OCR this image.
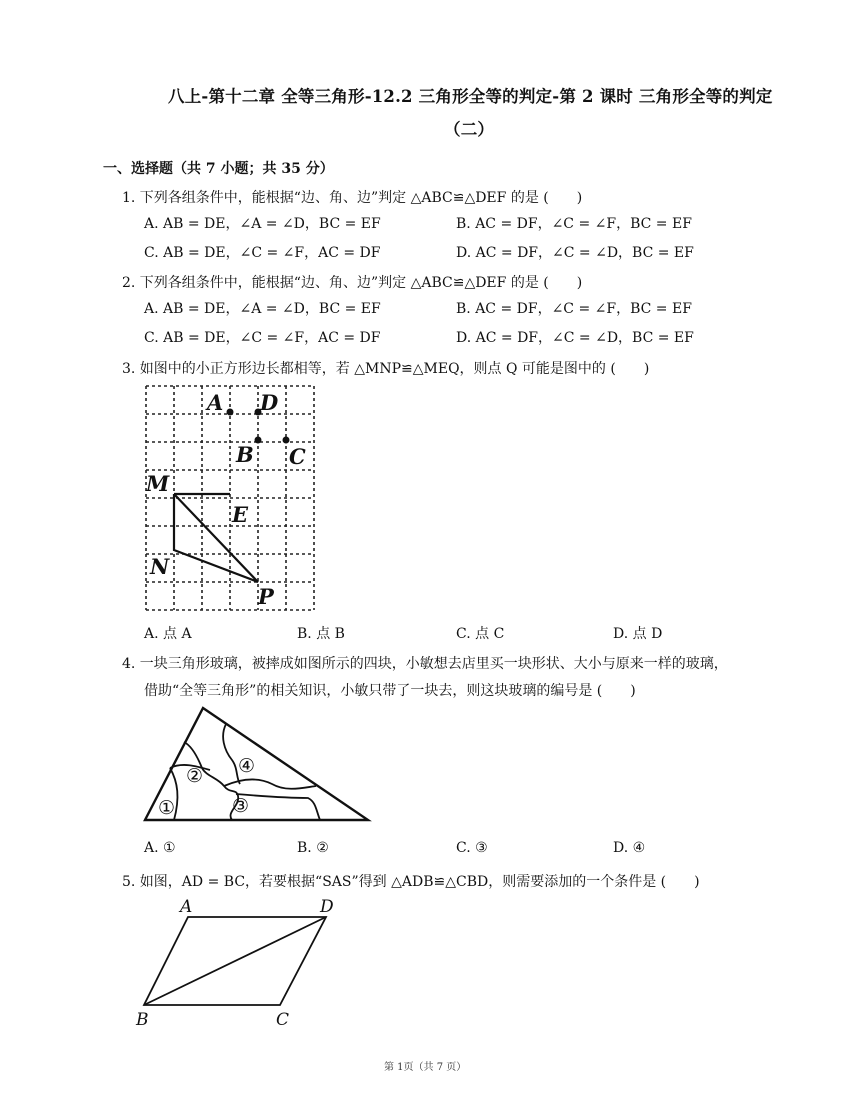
八上-第十二章 全等三角形-12.2 三角形全等的判定-第 2 课时 三角形全等的判定
（二）
一、选择题（共 7 小题；共 35 分）
1. 下列各组条件中，能根据“边、角、边”判定 △ABC≌△DEF 的是 (　　)
A. AB = DE，∠A = ∠D，BC = EF	B. AC = DF，∠C = ∠F，BC = EF
C. AB = DE，∠C = ∠F，AC = DF	D. AC = DF，∠C = ∠D，BC = EF
2. 下列各组条件中，能根据“边、角、边”判定 △ABC≌△DEF 的是 (　　)
A. AB = DE，∠A = ∠D，BC = EF	B. AC = DF，∠C = ∠F，BC = EF
C. AB = DE，∠C = ∠F，AC = DF	D. AC = DF，∠C = ∠D，BC = EF
3. 如图中的小正方形边长都相等，若 △MNP≌△MEQ，则点 Q 可能是图中的 (　　)
A D
B C
M
E
N
P
A. 点 A	B. 点 B	C. 点 C	D. 点 D
4. 一块三角形玻璃，被摔成如图所示的四块，小敏想去店里买一块形状、大小与原来一样的玻璃，
借助“全等三角形”的相关知识，小敏只带了一块去，则这块玻璃的编号是 (　　)
①
②
③
④
A. ①	B. ②	C. ③	D. ④
5. 如图，AD = BC，若要根据“SAS”得到 △ADB≌△CBD，则需要添加的一个条件是 (　　)
A	D
B	C
第 1页（共 7 页）
